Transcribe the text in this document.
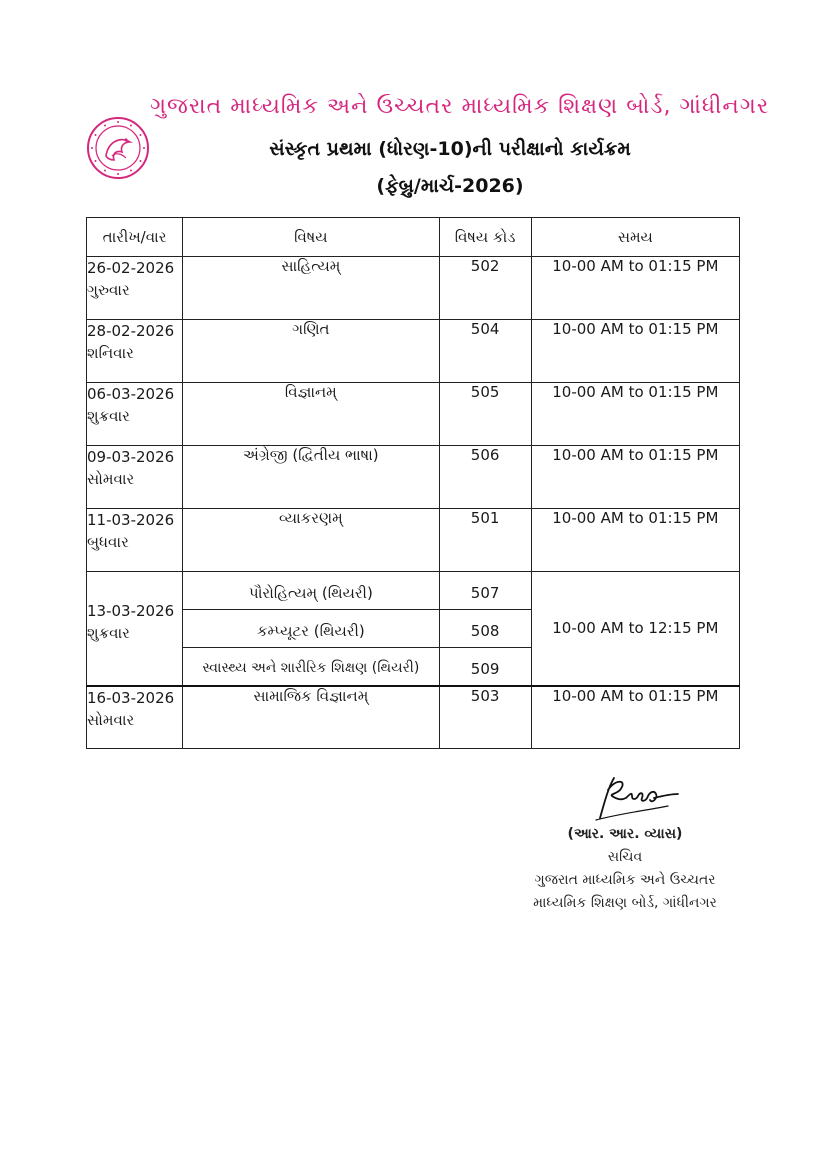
ગુજરાત માધ્યમિક અને ઉચ્ચતર માધ્યમિક શિક્ષણ બોર્ડ, ગાંધીનગર
સંસ્કૃત પ્રથમા (ધોરણ-10)ની પરીક્ષાનો કાર્યક્રમ
(ફેબ્રુ/માર્ચ-2026)
તારીખ/વાર	વિષય	વિષય કોડ	સમય
26-02-2026
ગુરુવાર	સાહિત્યમ્	502	10-00 AM to 01:15 PM
28-02-2026
શનિવાર	ગણિત	504	10-00 AM to 01:15 PM
06-03-2026
શુક્રવાર	વિજ્ઞાનમ્	505	10-00 AM to 01:15 PM
09-03-2026
સોમવાર	અંગ્રેજી (દ્વિતીય ભાષા)	506	10-00 AM to 01:15 PM
11-03-2026
બુધવાર	વ્યાકરણમ્	501	10-00 AM to 01:15 PM
13-03-2026
શુક્રવાર	પૌરોહિત્યમ્ (થિયરી)	507	10-00 AM to 12:15 PM
	કમ્પ્યૂટર (થિયરી)	508	
	સ્વાસ્થ્ય અને શારીરિક શિક્ષણ (થિયરી)	509	
16-03-2026
સોમવાર	સામાજિક વિજ્ઞાનમ્	503	10-00 AM to 01:15 PM
(આર. આર. વ્યાસ)
સચિવ
ગુજરાત માધ્યમિક અને ઉચ્ચતર
માધ્યમિક શિક્ષણ બોર્ડ, ગાંધીનગર
